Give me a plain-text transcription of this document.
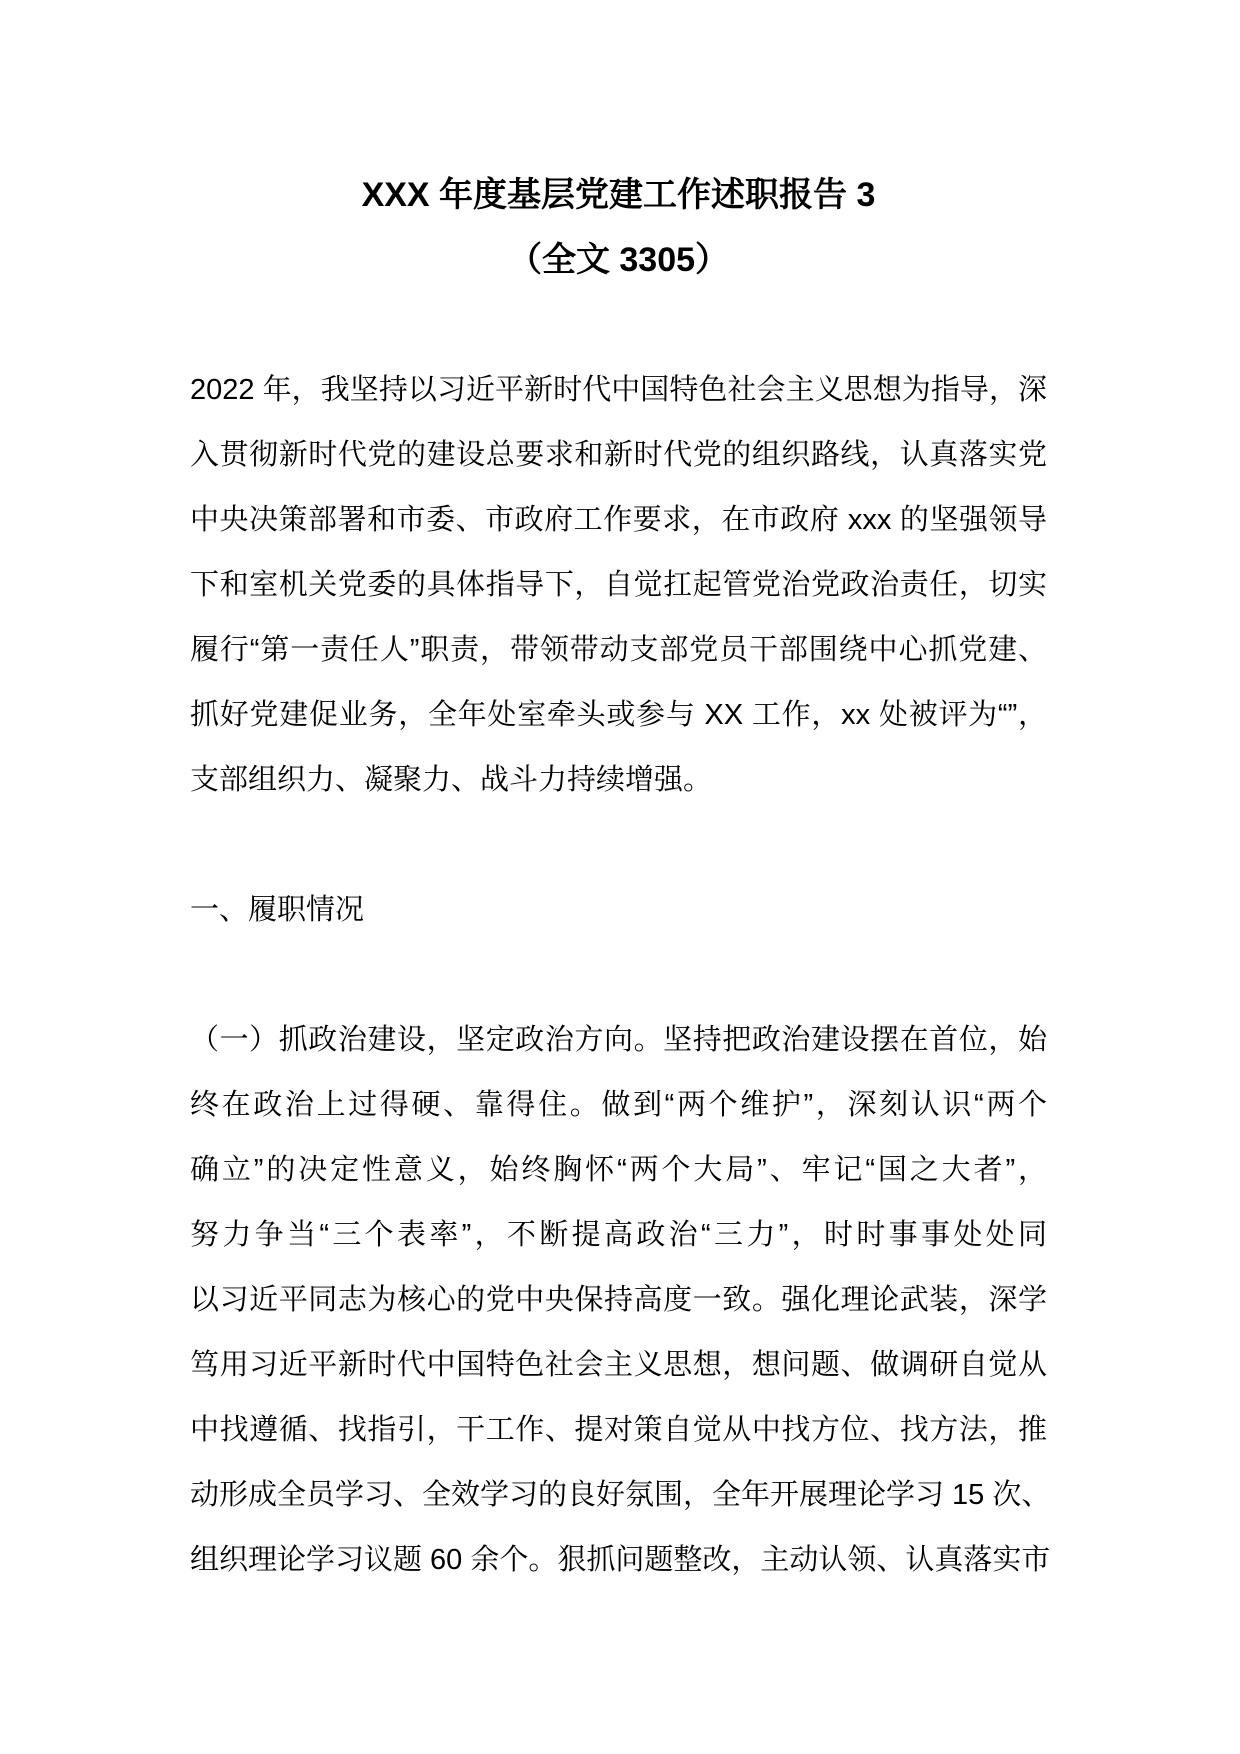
XXX 年度基层党建工作述职报告 3
（全文 3305）
2022 年，我坚持以习近平新时代中国特色社会主义思想为指导，深
入贯彻新时代党的建设总要求和新时代党的组织路线，认真落实党
中央决策部署和市委、市政府工作要求，在市政府 xxx 的坚强领导
下和室机关党委的具体指导下，自觉扛起管党治党政治责任，切实
履行“第一责任人”职责，带领带动支部党员干部围绕中心抓党建、
抓好党建促业务，全年处室牵头或参与 XX 工作，xx 处被评为“”，
支部组织力、凝聚力、战斗力持续增强。
一、履职情况
（一）抓政治建设，坚定政治方向。坚持把政治建设摆在首位，始
终在政治上过得硬、靠得住。做到“两个维护”，深刻认识“两个
确立”的决定性意义，始终胸怀“两个大局”、牢记“国之大者”，
努力争当“三个表率”，不断提高政治“三力”，时时事事处处同
以习近平同志为核心的党中央保持高度一致。强化理论武装，深学
笃用习近平新时代中国特色社会主义思想，想问题、做调研自觉从
中找遵循、找指引，干工作、提对策自觉从中找方位、找方法，推
动形成全员学习、全效学习的良好氛围，全年开展理论学习 15 次、
组织理论学习议题 60 余个。狠抓问题整改，主动认领、认真落实市
